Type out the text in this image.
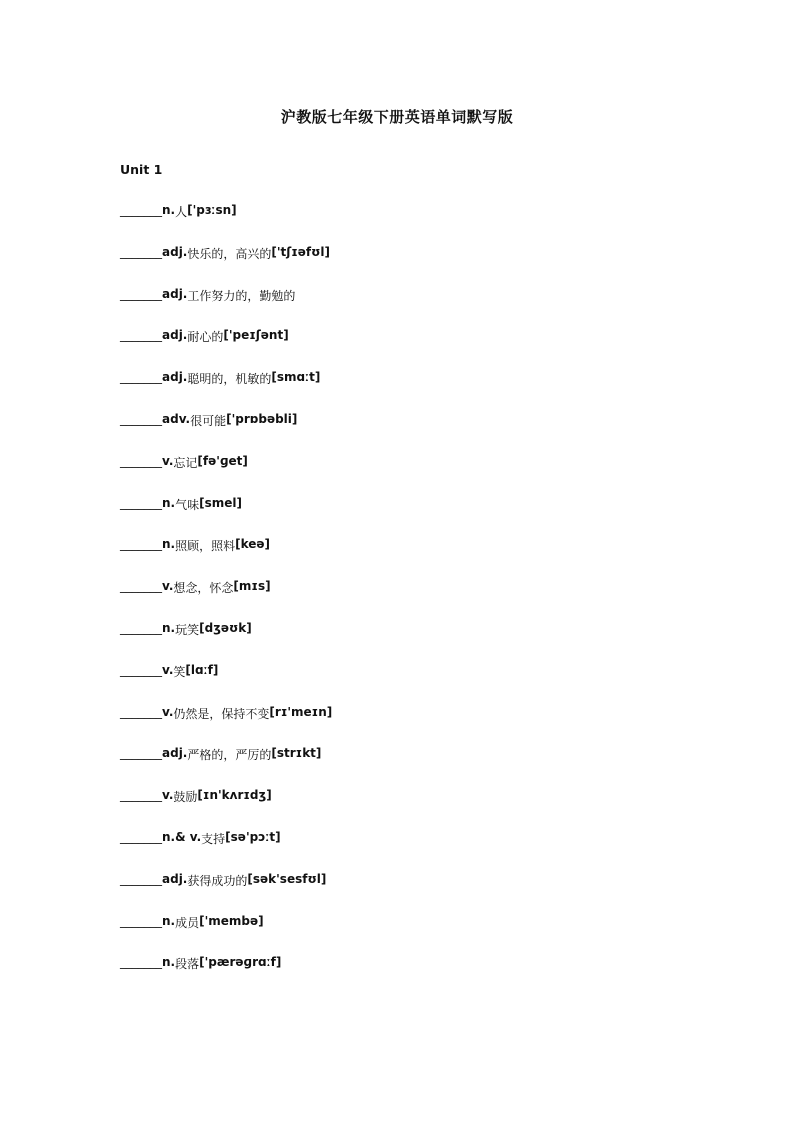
沪教版七年级下册英语单词默写版
Unit 1
_______ n. 人 ['pɜːsn]
_______ adj. 快乐的，高兴的 ['tʃɪəfʊl]
_______ adj. 工作努力的，勤勉的
_______ adj. 耐心的 ['peɪʃənt]
_______ adj. 聪明的，机敏的 [smɑːt]
_______ adv. 很可能 ['prɒbəbli]
_______ v. 忘记 [fə'ɡet]
_______ n. 气味 [smel]
_______ n. 照顾，照料 [keə]
_______ v. 想念，怀念 [mɪs]
_______ n. 玩笑 [dʒəʊk]
_______ v. 笑 [lɑːf]
_______ v. 仍然是，保持不变 [rɪ'meɪn]
_______ adj. 严格的，严厉的 [strɪkt]
_______ v. 鼓励 [ɪn'kʌrɪdʒ]
_______ n.& v. 支持 [sə'pɔːt]
_______ adj. 获得成功的 [sək'sesfʊl]
_______ n. 成员 ['membə]
_______ n. 段落 ['pærəɡrɑːf]
